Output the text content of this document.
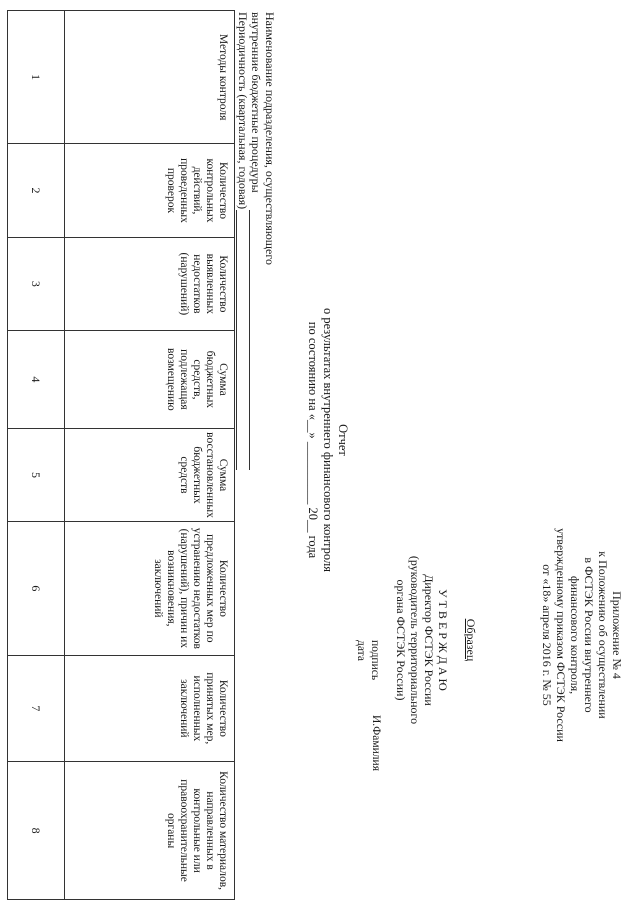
Приложение № 4
к Положению об осуществлении
в ФСТЭК России внутреннего
финансового контроля,
утвержденному приказом ФСТЭК России
от «18» апреля 2016 г. № 55
Образец
У Т В Е Р Ж Д А Ю
Директор ФСТЭК России
(руководитель территориального
органа ФСТЭК России)
подпись
И.Фамилия
дата
Отчет
о результатах внутреннего финансового контроля
по состоянию на «__» __________ 20__ года
Наименование подразделения, осуществляющего
внутренние бюджетные процедуры
Периодичность (квартальная, годовая)
Методы контроля	Количество контрольных действий, проведенных проверок	Количество выявленных недостатков (нарушений)	Сумма бюджетных средств, подлежащая возмещению	Сумма восстановленных бюджетных средств	Количество предложенных мер по устранению недостатков (нарушений), причин их возникновения, заключений	Количество принятых мер, исполненных заключений	Количество материалов, направленных в контрольные или правоохранительные органы
1	2	3	4	5	6	7	8
